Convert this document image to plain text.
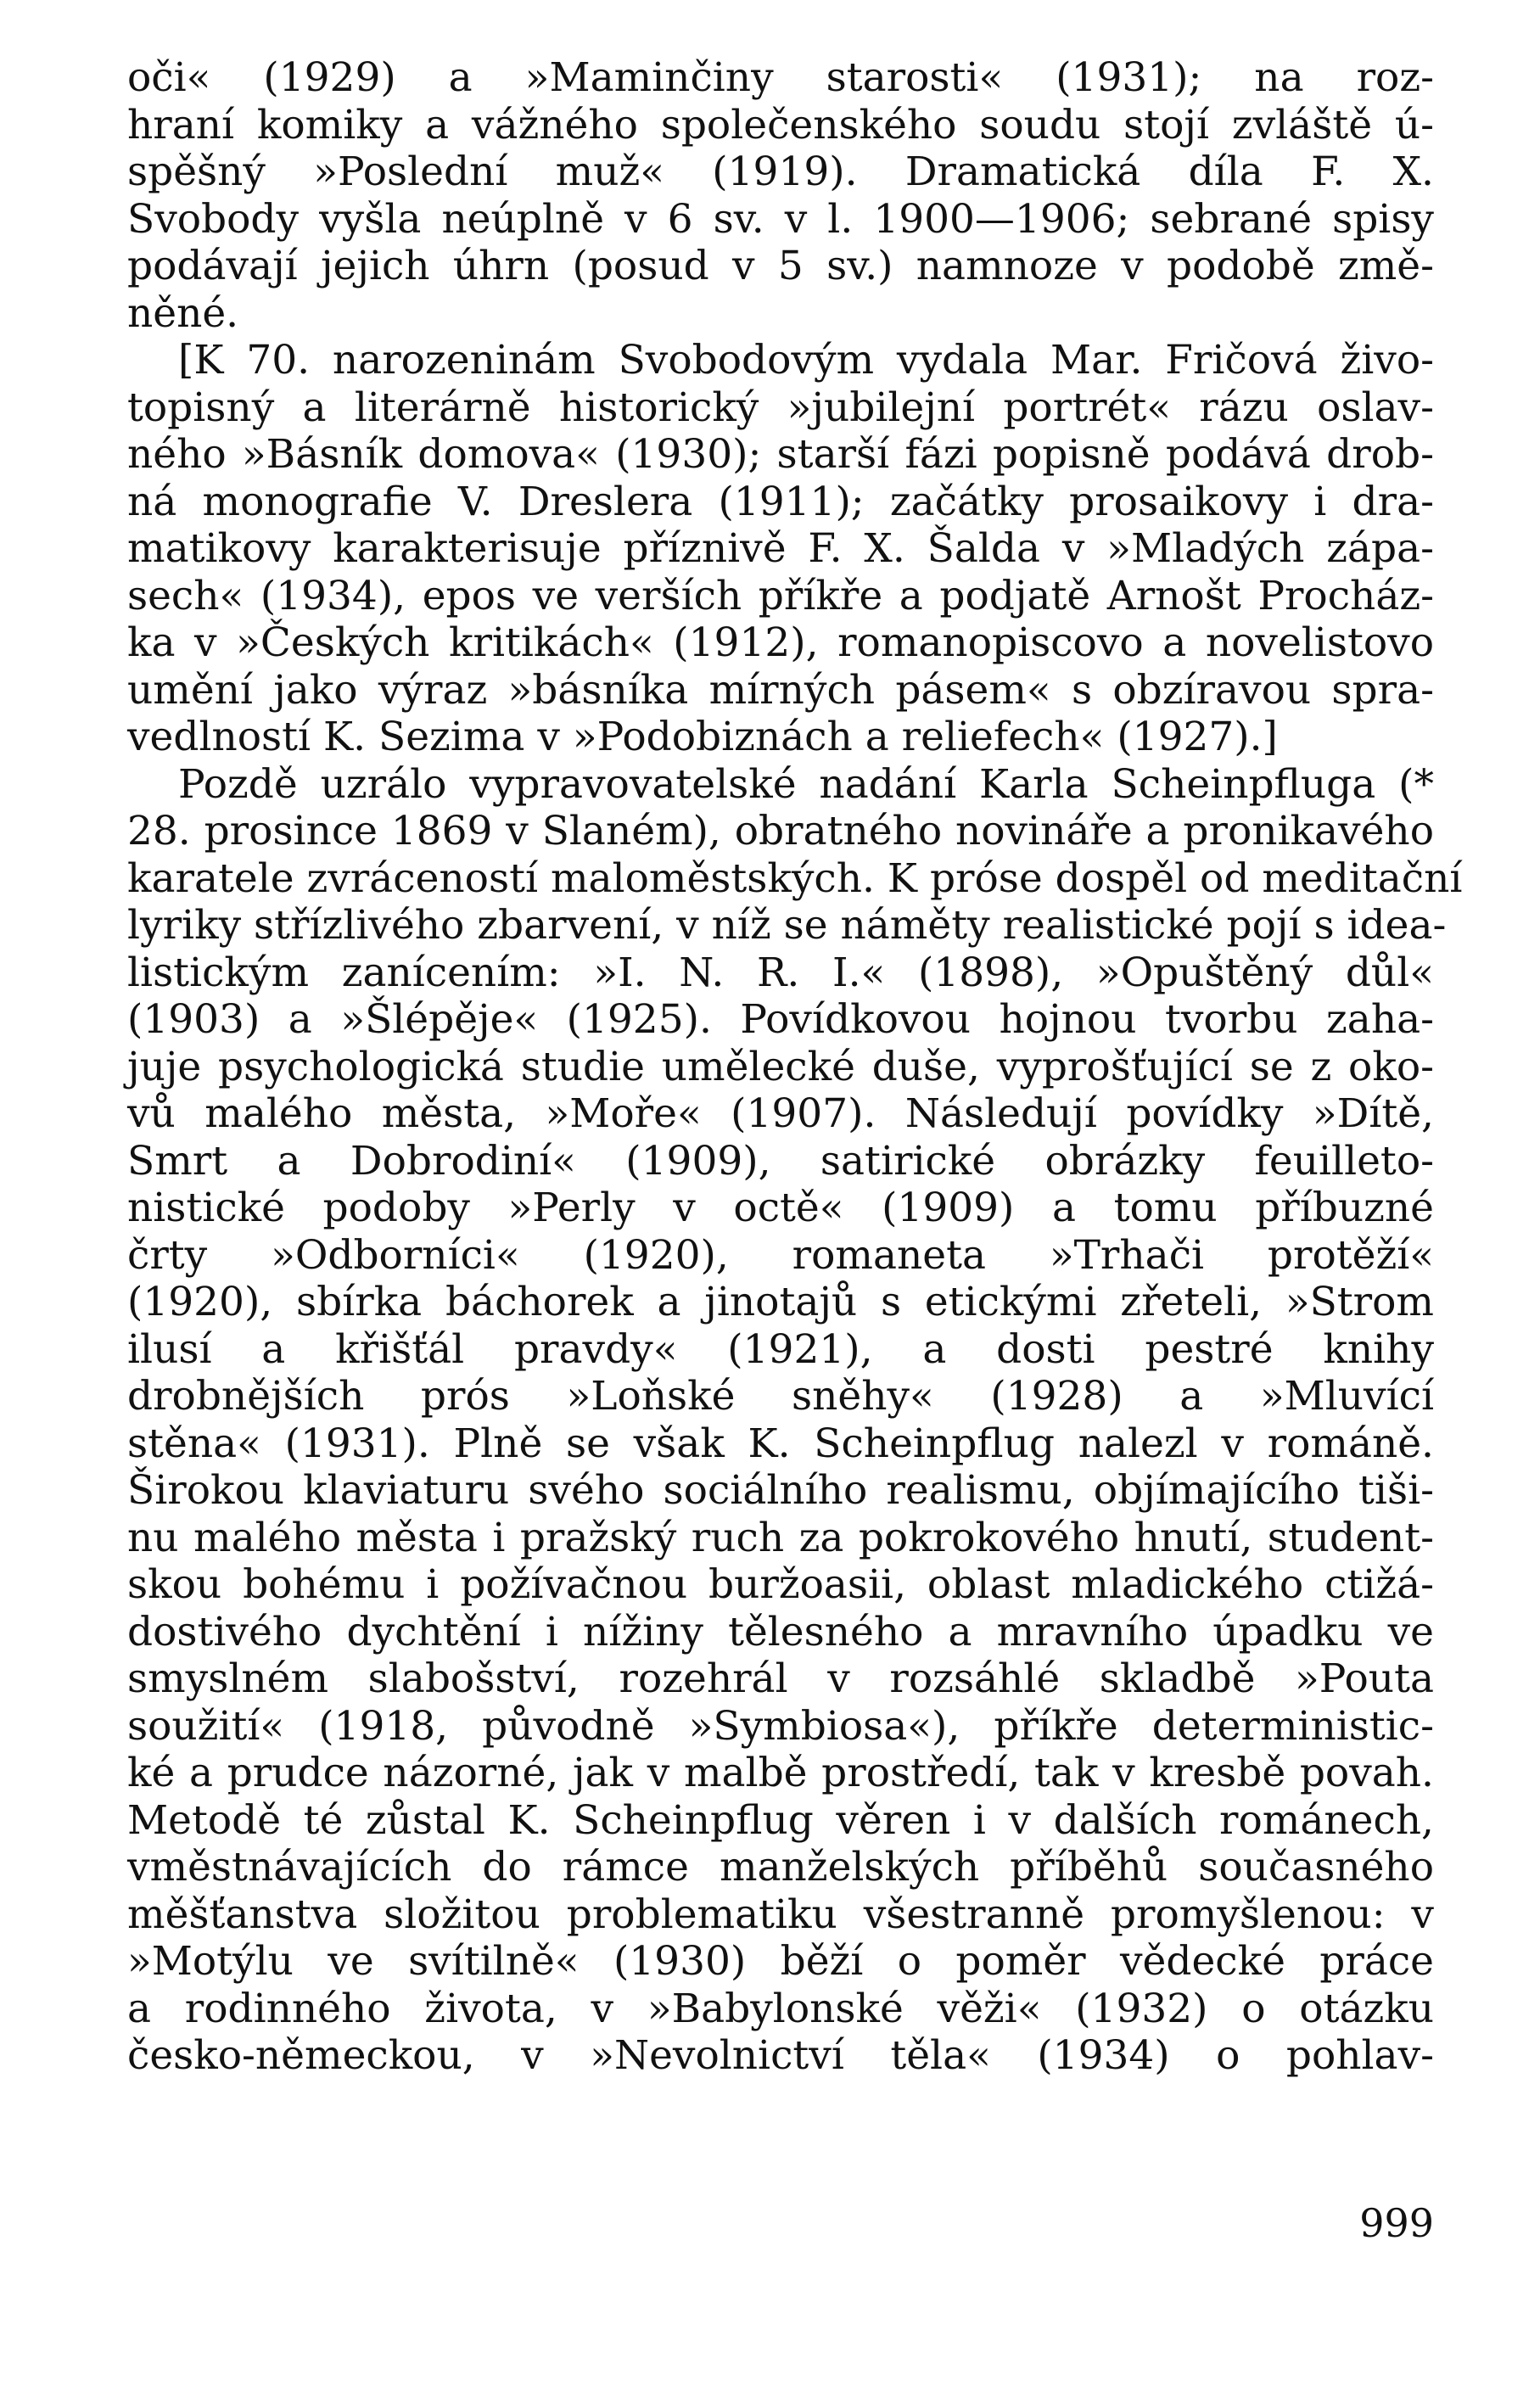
oči« (1929) a »Maminčiny starosti« (1931); na roz-
hraní komiky a vážného společenského soudu stojí zvláště ú-
spěšný »Poslední muž« (1919). Dramatická díla F. X.
Svobody vyšla neúplně v 6 sv. v l. 1900—1906; sebrané spisy
podávají jejich úhrn (posud v 5 sv.) namnoze v podobě změ-
něné.
[K 70. narozeninám Svobodovým vydala Mar. Fričová živo-
topisný a literárně historický »jubilejní portrét« rázu oslav-
ného »Básník domova« (1930); starší fázi popisně podává drob-
ná monografie V. Dreslera (1911); začátky prosaikovy i dra-
matikovy karakterisuje příznivě F. X. Šalda v »Mladých zápa-
sech« (1934), epos ve verších příkře a podjatě Arnošt Procház-
ka v »Českých kritikách« (1912), romanopiscovo a novelistovo
umění jako výraz »básníka mírných pásem« s obzíravou spra-
vedlností K. Sezima v »Podobiznách a reliefech« (1927).]
Pozdě uzrálo vypravovatelské nadání Karla Scheinpfluga (*
28. prosince 1869 v Slaném), obratného novináře a pronikavého
karatele zvráceností maloměstských. K próse dospěl od meditační
lyriky střízlivého zbarvení, v níž se náměty realistické pojí s idea-
listickým zanícením: »I. N. R. I.« (1898), »Opuštěný důl«
(1903) a »Šlépěje« (1925). Povídkovou hojnou tvorbu zaha-
juje psychologická studie umělecké duše, vyprošťující se z oko-
vů malého města, »Moře« (1907). Následují povídky »Dítě,
Smrt a Dobrodiní« (1909), satirické obrázky feuilleto-
nistické podoby »Perly v octě« (1909) a tomu příbuzné
črty »Odborníci« (1920), romaneta »Trhači protěží«
(1920), sbírka báchorek a jinotajů s etickými zřeteli, »Strom
ilusí a křišťál pravdy« (1921), a dosti pestré knihy
drobnějších prós »Loňské sněhy« (1928) a »Mluvící
stěna« (1931). Plně se však K. Scheinpflug nalezl v románě.
Širokou klaviaturu svého sociálního realismu, objímajícího tiši-
nu malého města i pražský ruch za pokrokového hnutí, student-
skou bohému i požívačnou buržoasii, oblast mladického ctižá-
dostivého dychtění i nížiny tělesného a mravního úpadku ve
smyslném slabošství, rozehrál v rozsáhlé skladbě »Pouta
soužití« (1918, původně »Symbiosa«), příkře deterministic-
ké a prudce názorné, jak v malbě prostředí, tak v kresbě povah.
Metodě té zůstal K. Scheinpflug věren i v dalších románech,
vměstnávajících do rámce manželských příběhů současného
měšťanstva složitou problematiku všestranně promyšlenou: v
»Motýlu ve svítilně« (1930) běží o poměr vědecké práce
a rodinného života, v »Babylonské věži« (1932) o otázku
česko-německou, v »Nevolnictví těla« (1934) o pohlav-
999
